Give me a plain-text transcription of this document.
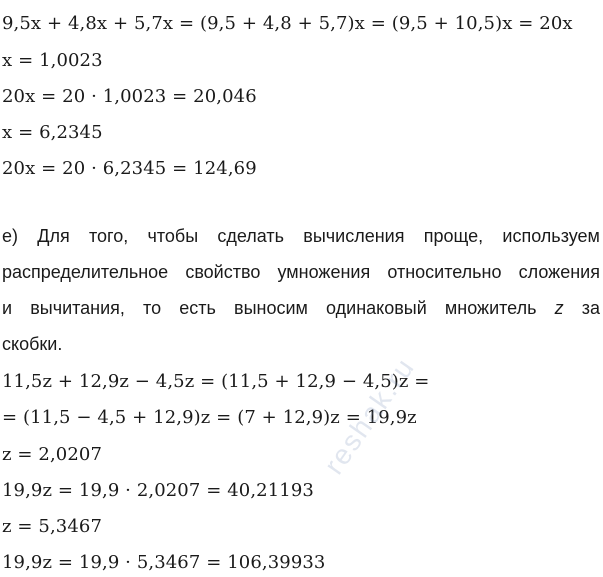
9,5x + 4,8x + 5,7x = (9,5 + 4,8 + 5,7)x = (9,5 + 10,5)x = 20x
x = 1,0023
20x = 20 · 1,0023 = 20,046
x = 6,2345
20x = 20 · 6,2345 = 124,69
е) Для того, чтобы сделать вычисления проще, используем
распределительное свойство умножения относительно сложения
и вычитания, то есть выносим одинаковый множитель z за
скобки.
11,5z + 12,9z − 4,5z = (11,5 + 12,9 − 4,5)z =
= (11,5 − 4,5 + 12,9)z = (7 + 12,9)z = 19,9z
z = 2,0207
19,9z = 19,9 · 2,0207 = 40,21193
z = 5,3467
19,9z = 19,9 · 5,3467 = 106,39933
reshak.ru
